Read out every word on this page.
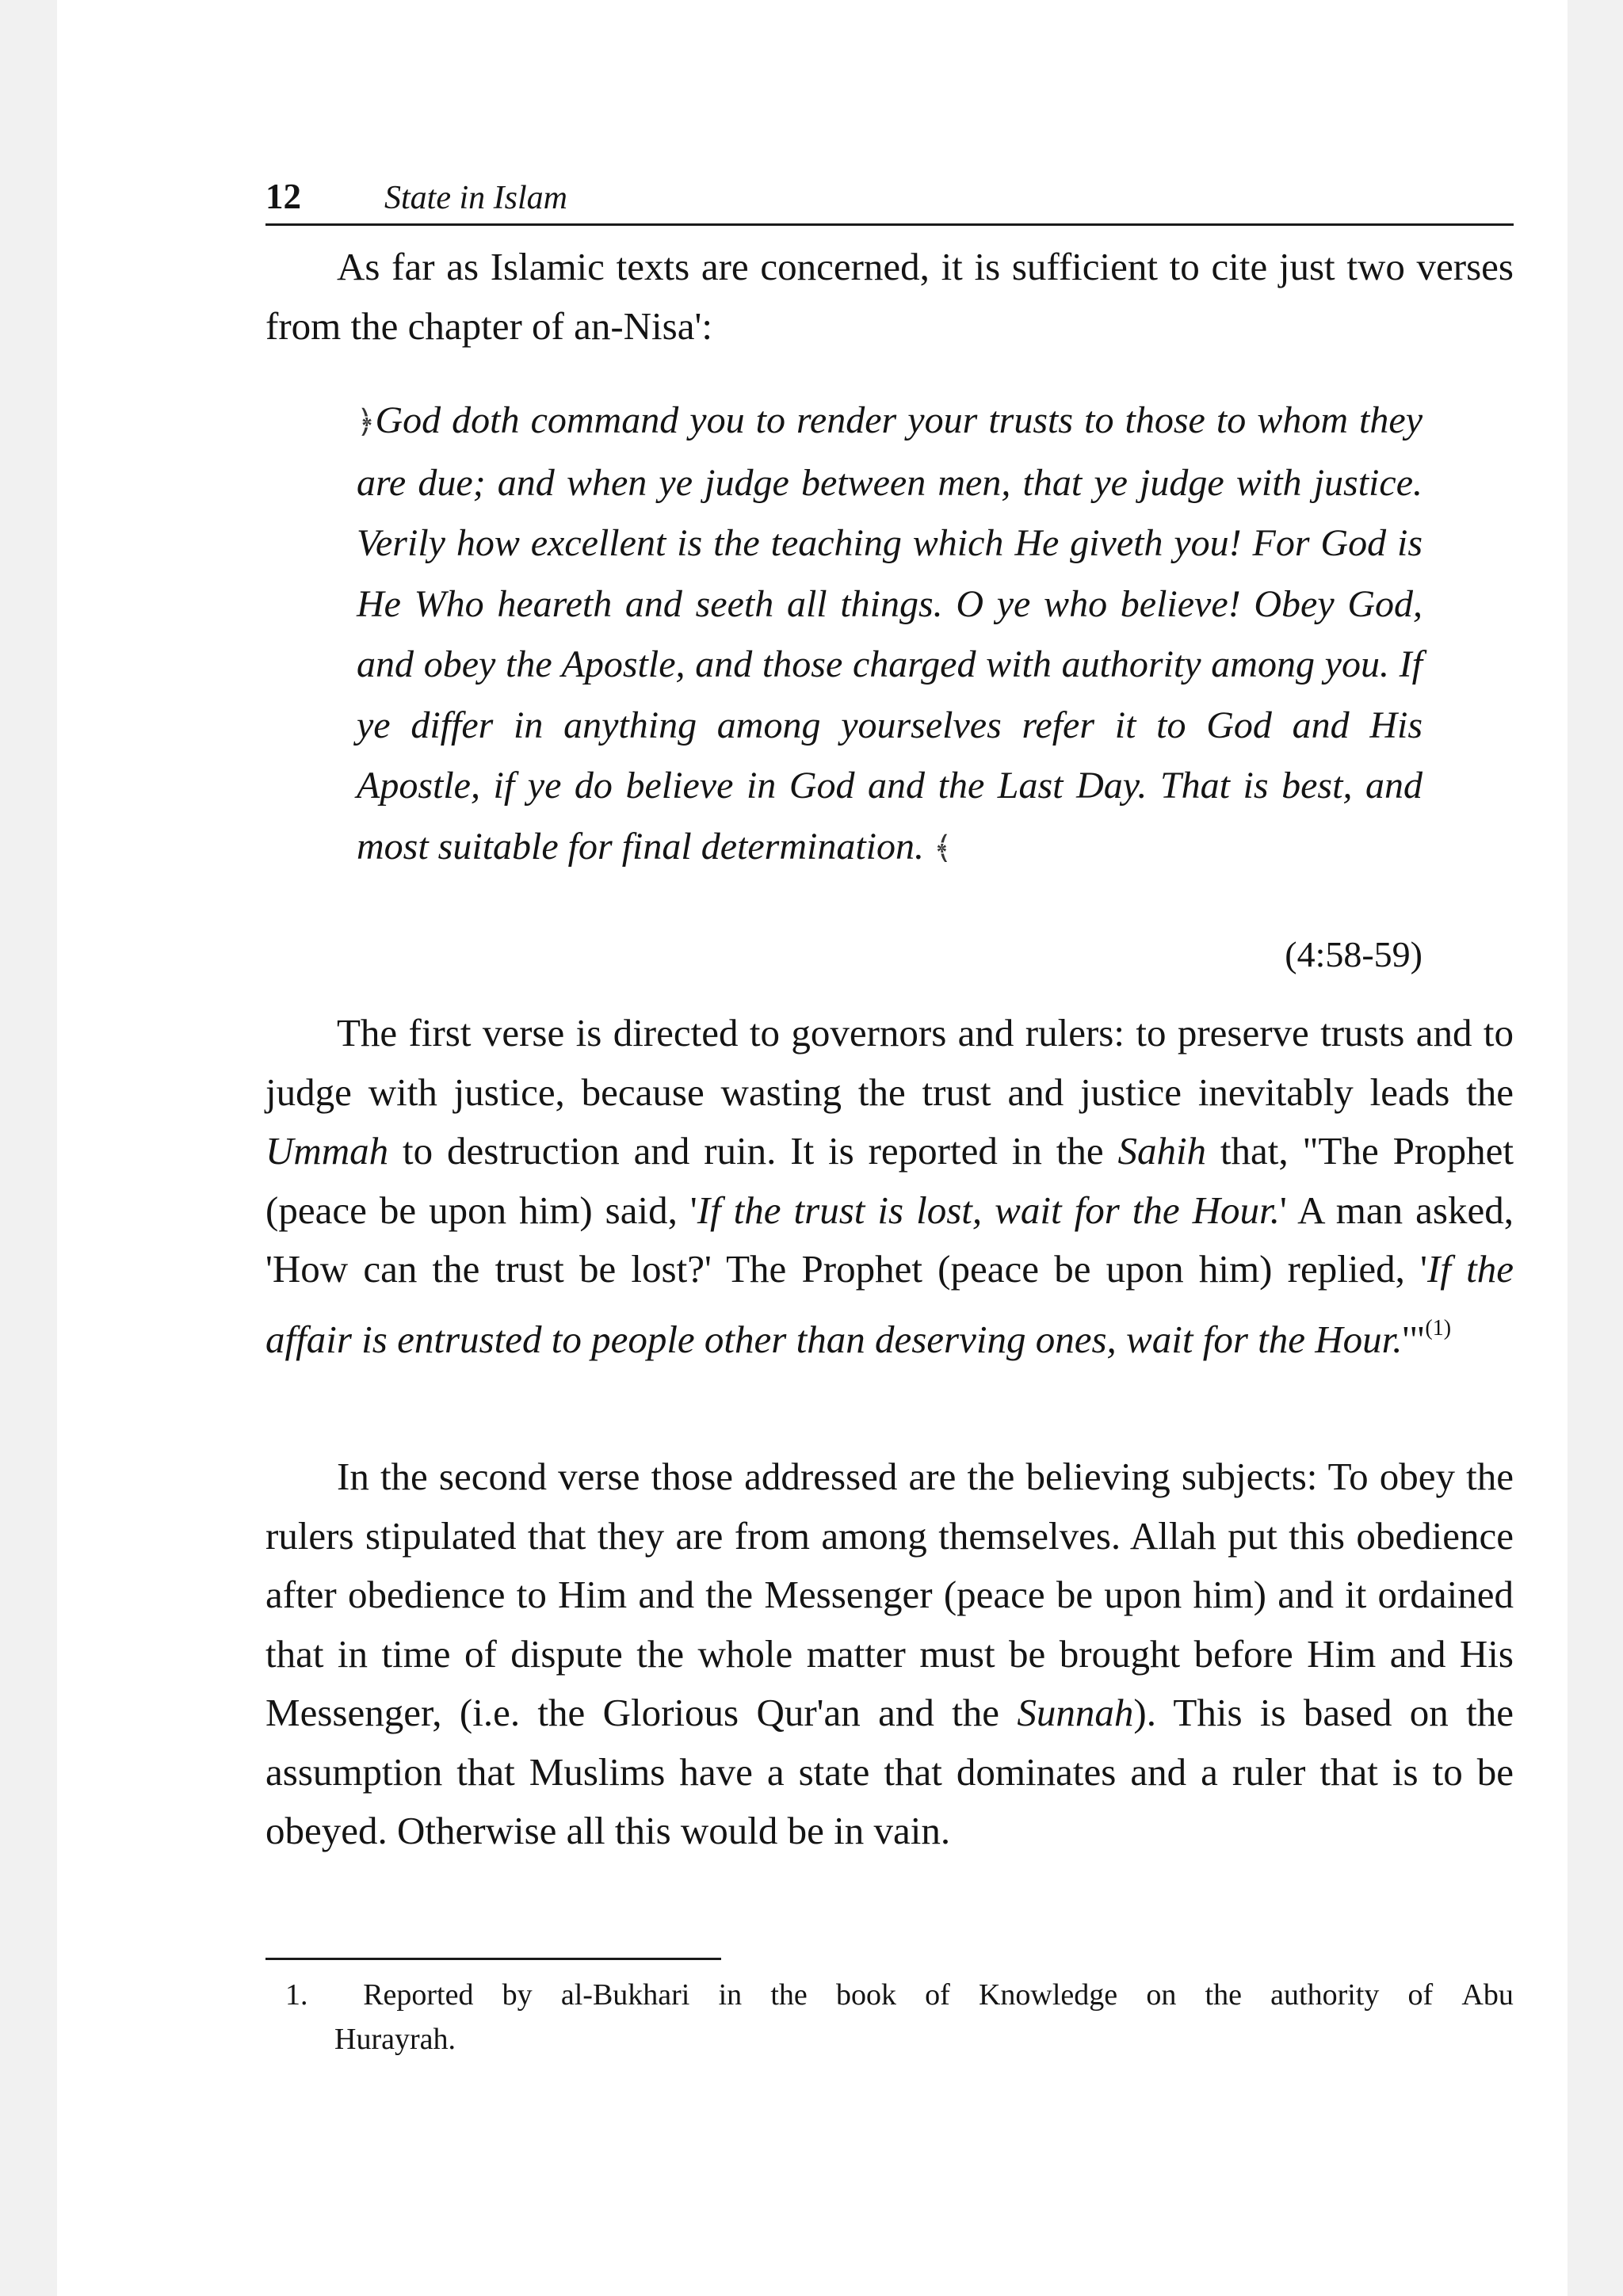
12	State in Islam

As far as Islamic texts are concerned, it is sufficient to cite just two verses from the chapter of an-Nisa':

﴿God doth command you to render your trusts to those to whom they are due; and when ye judge between men, that ye judge with justice. Verily how excellent is the teaching which He giveth you! For God is He Who heareth and seeth all things. O ye who believe! Obey God, and obey the Apostle, and those charged with authority among you. If ye differ in anything among yourselves refer it to God and His Apostle, if ye do believe in God and the Last Day. That is best, and most suitable for final determination. ﴾

(4:58-59)

The first verse is directed to governors and rulers: to preserve trusts and to judge with justice, because wasting the trust and justice inevitably leads the Ummah to destruction and ruin. It is reported in the Sahih that, "The Prophet (peace be upon him) said, 'If the trust is lost, wait for the Hour.' A man asked, 'How can the trust be lost?' The Prophet (peace be upon him) replied, 'If the affair is entrusted to people other than deserving ones, wait for the Hour.'"$^{(1)}$

In the second verse those addressed are the believing subjects: To obey the rulers stipulated that they are from among themselves. Allah put this obedience after obedience to Him and the Messenger (peace be upon him) and it ordained that in time of dispute the whole matter must be brought before Him and His Messenger, (i.e. the Glorious Qur'an and the Sunnah). This is based on the assumption that Muslims have a state that dominates and a ruler that is to be obeyed. Otherwise all this would be in vain.

1.	Reported by al-Bukhari in the book of Knowledge on the authority of Abu
Hurayrah.
